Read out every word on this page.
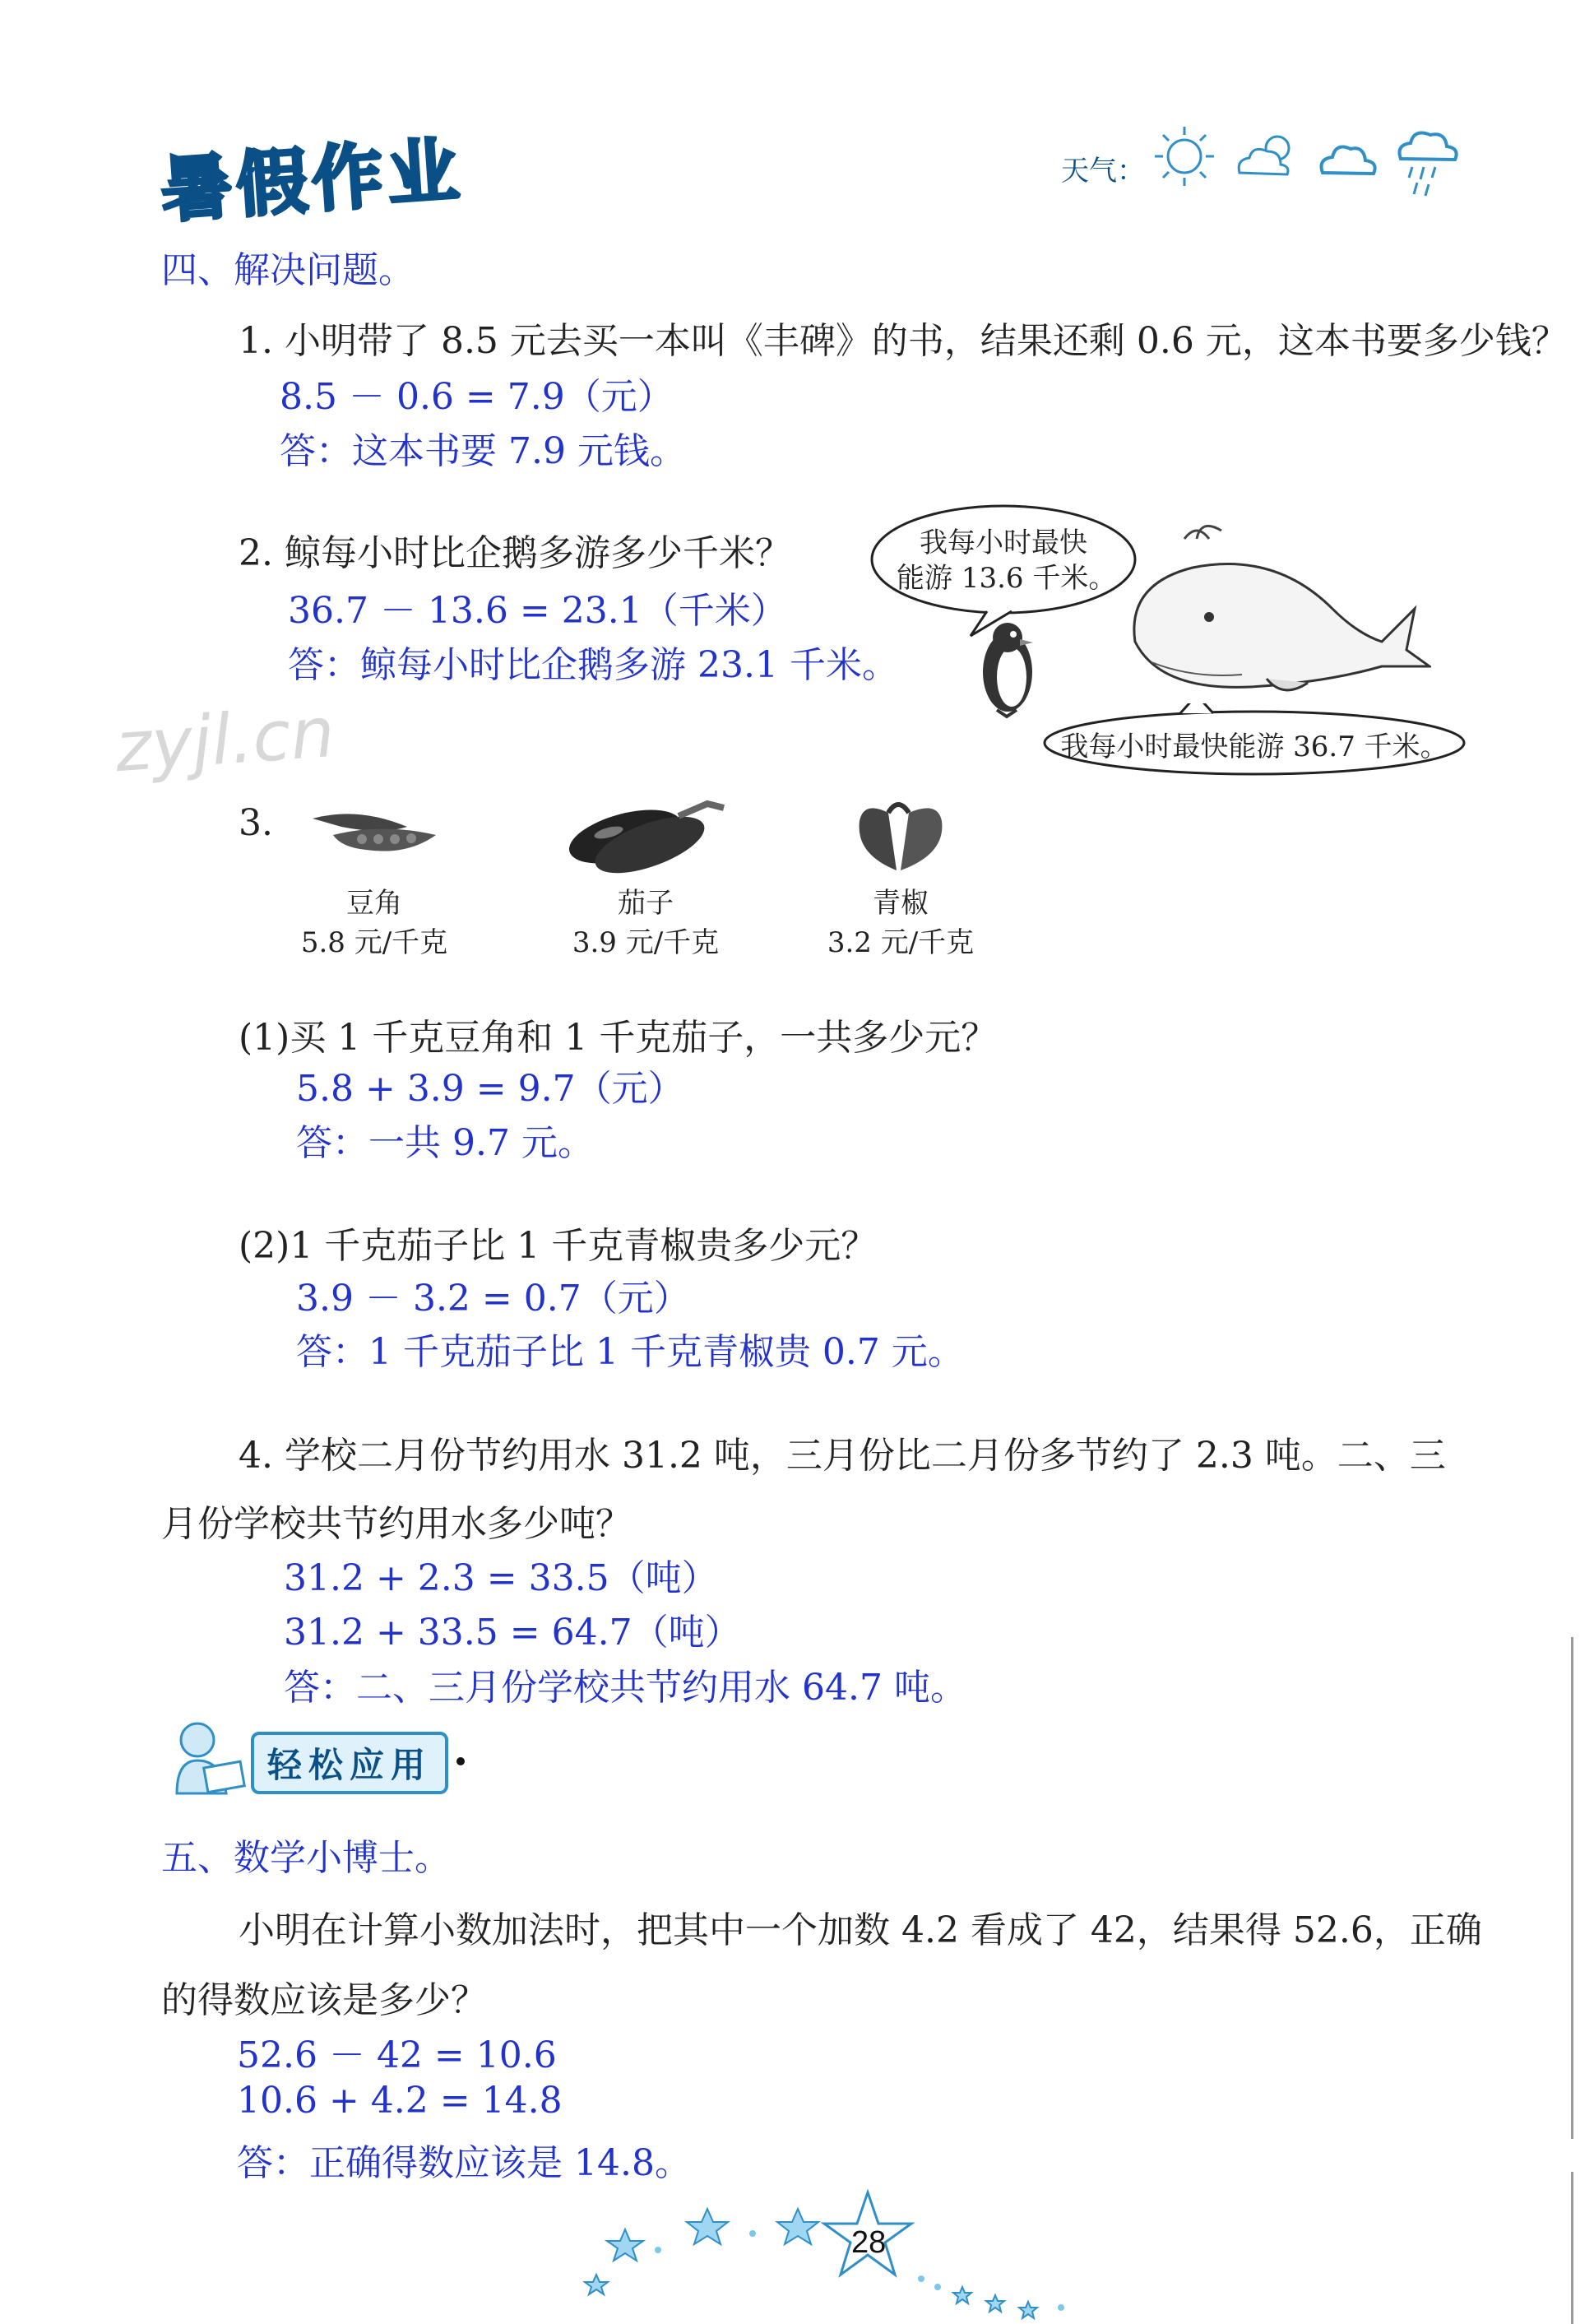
暑假作业	天气：
四、解决问题。
1. 小明带了 8.5 元去买一本叫《丰碑》的书，结果还剩 0.6 元，这本书要多少钱？
8.5 － 0.6 = 7.9（元）
答：这本书要 7.9 元钱。
2. 鲸每小时比企鹅多游多少千米？
36.7 － 13.6 = 23.1（千米）
答：鲸每小时比企鹅多游 23.1 千米。
我每小时最快
能游 13.6 千米。
我每小时最快能游 36.7 千米。
zyjl.cn
3.
豆角
5.8 元/千克
茄子
3.9 元/千克
青椒
3.2 元/千克
(1)买 1 千克豆角和 1 千克茄子，一共多少元？
5.8 + 3.9 = 9.7（元）
答：一共 9.7 元。
(2)1 千克茄子比 1 千克青椒贵多少元？
3.9 － 3.2 = 0.7（元）
答：1 千克茄子比 1 千克青椒贵 0.7 元。
4. 学校二月份节约用水 31.2 吨，三月份比二月份多节约了 2.3 吨。二、三
月份学校共节约用水多少吨？
31.2 + 2.3 = 33.5（吨）
31.2 + 33.5 = 64.7（吨）
答：二、三月份学校共节约用水 64.7 吨。
轻松应用
五、数学小博士。
小明在计算小数加法时，把其中一个加数 4.2 看成了 42，结果得 52.6，正确
的得数应该是多少？
52.6 － 42 = 10.6
10.6 + 4.2 = 14.8
答：正确得数应该是 14.8。
28
